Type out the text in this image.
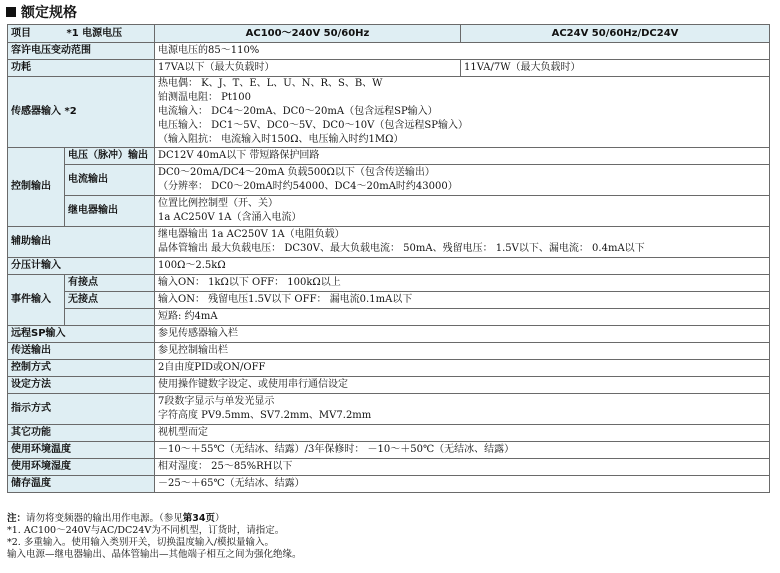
额定规格
项目 *1 电源电压		AC100～240V 50/60Hz	AC24V 50/60Hz/DC24V
容许电压变动范围		电源电压的85～110%	
功耗		17VA以下（最大负载时）	11VA/7W（最大负载时）
传感器输入 *2		热电偶： K、J、T、E、L、U、N、R、S、B、W
铂测温电阻： Pt100
电流输入： DC4～20mA、DC0～20mA（包含远程SP输入）
电压输入： DC1～5V、DC0～5V、DC0～10V（包含远程SP输入）
（输入阻抗： 电流输入时150Ω、电压输入时约1MΩ）	

控制输出	电压（脉冲）输出	DC12V 40mA以下 带短路保护回路	
	电流输出	DC0～20mA/DC4～20mA 负载500Ω以下（包含传送输出）
（分辨率： DC0～20mA时约54000、DC4～20mA时约43000）	

	继电器输出	位置比例控制型（开、关）
1a AC250V 1A（含涌入电流）	

辅助输出		继电器输出 1a AC250V 1A（电阻负载）
晶体管输出 最大负载电压： DC30V、最大负载电流： 50mA、残留电压： 1.5V以下、漏电流： 0.4mA以下	

分压计输入		100Ω～2.5kΩ	
事件输入	有接点	输入ON： 1kΩ以下 OFF： 100kΩ以上	
	无接点	输入ON： 残留电压1.5V以下 OFF： 漏电流0.1mA以下	
		短路: 约4mA	
远程SP输入		参见传感器输入栏	
传送输出		参见控制输出栏	
控制方式		2自由度PID或ON/OFF	
设定方法		使用操作键数字设定、或使用串行通信设定	
指示方式		7段数字显示与单发光显示
字符高度 PV9.5mm、SV7.2mm、MV7.2mm	

其它功能		视机型而定	
使用环境温度		－10～＋55℃（无结冰、结露）/3年保修时： －10～＋50℃（无结冰、结露）	
使用环境湿度		相对湿度： 25～85%RH以下	
储存温度		－25～＋65℃（无结冰、结露）	
注：请勿将变频器的输出用作电源。（参见第34页）
*1. AC100～240V与AC/DC24V为不同机型，订货时，请指定。
*2. 多重输入。使用输入类别开关，切换温度输入/模拟量输入。
输入电源—继电器输出、晶体管输出—其他端子相互之间为强化绝缘。
